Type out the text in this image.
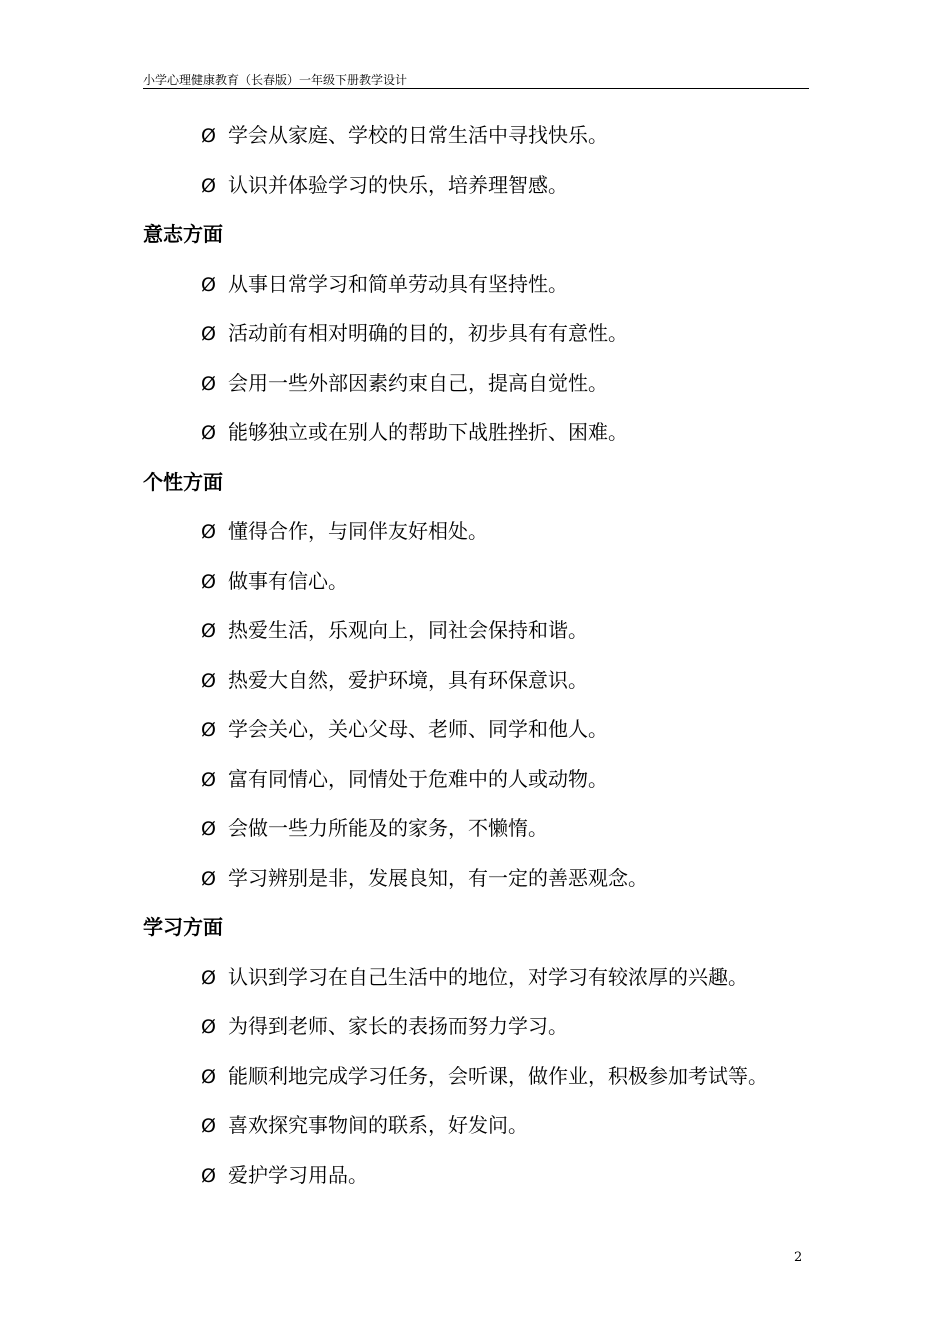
小学心理健康教育（长春版）一年级下册教学设计
Ø 学会从家庭、学校的日常生活中寻找快乐。
Ø 认识并体验学习的快乐，培养理智感。
意志方面
Ø 从事日常学习和简单劳动具有坚持性。
Ø 活动前有相对明确的目的，初步具有有意性。
Ø 会用一些外部因素约束自己，提高自觉性。
Ø 能够独立或在别人的帮助下战胜挫折、困难。
个性方面
Ø 懂得合作，与同伴友好相处。
Ø 做事有信心。
Ø 热爱生活，乐观向上，同社会保持和谐。
Ø 热爱大自然，爱护环境，具有环保意识。
Ø 学会关心，关心父母、老师、同学和他人。
Ø 富有同情心，同情处于危难中的人或动物。
Ø 会做一些力所能及的家务，不懒惰。
Ø 学习辨别是非，发展良知，有一定的善恶观念。
学习方面
Ø 认识到学习在自己生活中的地位，对学习有较浓厚的兴趣。
Ø 为得到老师、家长的表扬而努力学习。
Ø 能顺利地完成学习任务，会听课，做作业，积极参加考试等。
Ø 喜欢探究事物间的联系，好发问。
Ø 爱护学习用品。
2
